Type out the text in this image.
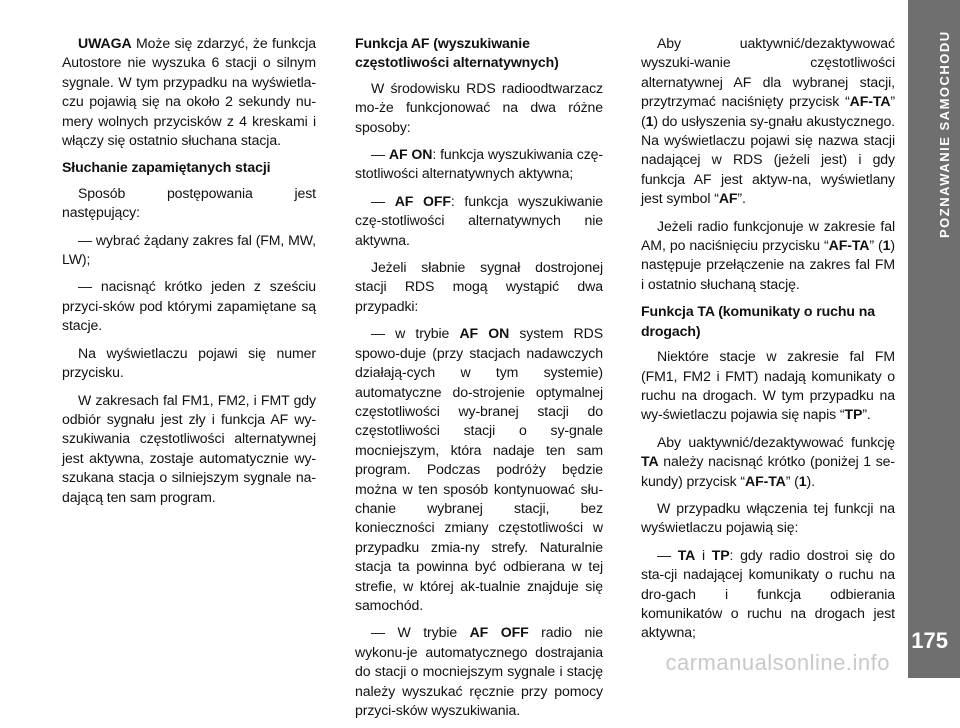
UWAGA Może się zdarzyć, że funkcja Autostore nie wyszuka 6 stacji o silnym sygnale. W tym przypadku na wyświetla-czu pojawią się na około 2 sekundy nu-mery wolnych przycisków z 4 kreskami i włączy się ostatnio słuchana stacja.

Słuchanie zapamiętanych stacji

Sposób postępowania jest następujący:

— wybrać żądany zakres fal (FM, MW, LW);

— nacisnąć krótko jeden z sześciu przyci-sków pod którymi zapamiętane są stacje.

Na wyświetlaczu pojawi się numer przycisku.

W zakresach fal FM1, FM2, i FMT gdy odbiór sygnału jest zły i funkcja AF wy-szukiwania częstotliwości alternatywnej jest aktywna, zostaje automatycznie wy-szukana stacja o silniejszym sygnale na-dającą ten sam program.

Funkcja AF (wyszukiwanie częstotliwości alternatywnych)

W środowisku RDS radioodtwarzacz mo-że funkcjonować na dwa różne sposoby:

— AF ON: funkcja wyszukiwania czę-stotliwości alternatywnych aktywna;

— AF OFF: funkcja wyszukiwanie czę-stotliwości alternatywnych nie aktywna.

Jeżeli słabnie sygnał dostrojonej stacji RDS mogą wystąpić dwa przypadki:

— w trybie AF ON system RDS spowo-duje (przy stacjach nadawczych działają-cych w tym systemie) automatyczne do-strojenie optymalnej częstotliwości wy-branej stacji do częstotliwości stacji o sy-gnale mocniejszym, która nadaje ten sam program. Podczas podróży będzie można w ten sposób kontynuować słu-chanie wybranej stacji, bez konieczności zmiany częstotliwości w przypadku zmia-ny strefy. Naturalnie stacja ta powinna być odbierana w tej strefie, w której ak-tualnie znajduje się samochód.

— W trybie AF OFF radio nie wykonu-je automatycznego dostrajania do stacji o mocniejszym sygnale i stację należy wyszukać ręcznie przy pomocy przyci-sków wyszukiwania.

Aby uaktywnić/dezaktywować wyszuki-wanie częstotliwości alternatywnej AF dla wybranej stacji, przytrzymać naciśnięty przycisk “AF-TA” (1) do usłyszenia sy-gnału akustycznego. Na wyświetlaczu pojawi się nazwa stacji nadającej w RDS (jeżeli jest) i gdy funkcja AF jest aktyw-na, wyświetlany jest symbol “AF”.

Jeżeli radio funkcjonuje w zakresie fal AM, po naciśnięciu przycisku “AF-TA” (1) następuje przełączenie na zakres fal FM i ostatnio słuchaną stację.

Funkcja TA (komunikaty o ruchu na drogach)

Niektóre stacje w zakresie fal FM (FM1, FM2 i FMT) nadają komunikaty o ruchu na drogach. W tym przypadku na wy-świetlaczu pojawia się napis “TP”.

Aby uaktywnić/dezaktywować funkcję TA należy nacisnąć krótko (poniżej 1 se-kundy) przycisk “AF-TA” (1).

W przypadku włączenia tej funkcji na wyświetlaczu pojawią się:

— TA i TP: gdy radio dostroi się do sta-cji nadającej komunikaty o ruchu na dro-gach i funkcja odbierania komunikatów o ruchu na drogach jest aktywna;

POZNAWANIE SAMOCHODU
175
carmanualsonline.info
